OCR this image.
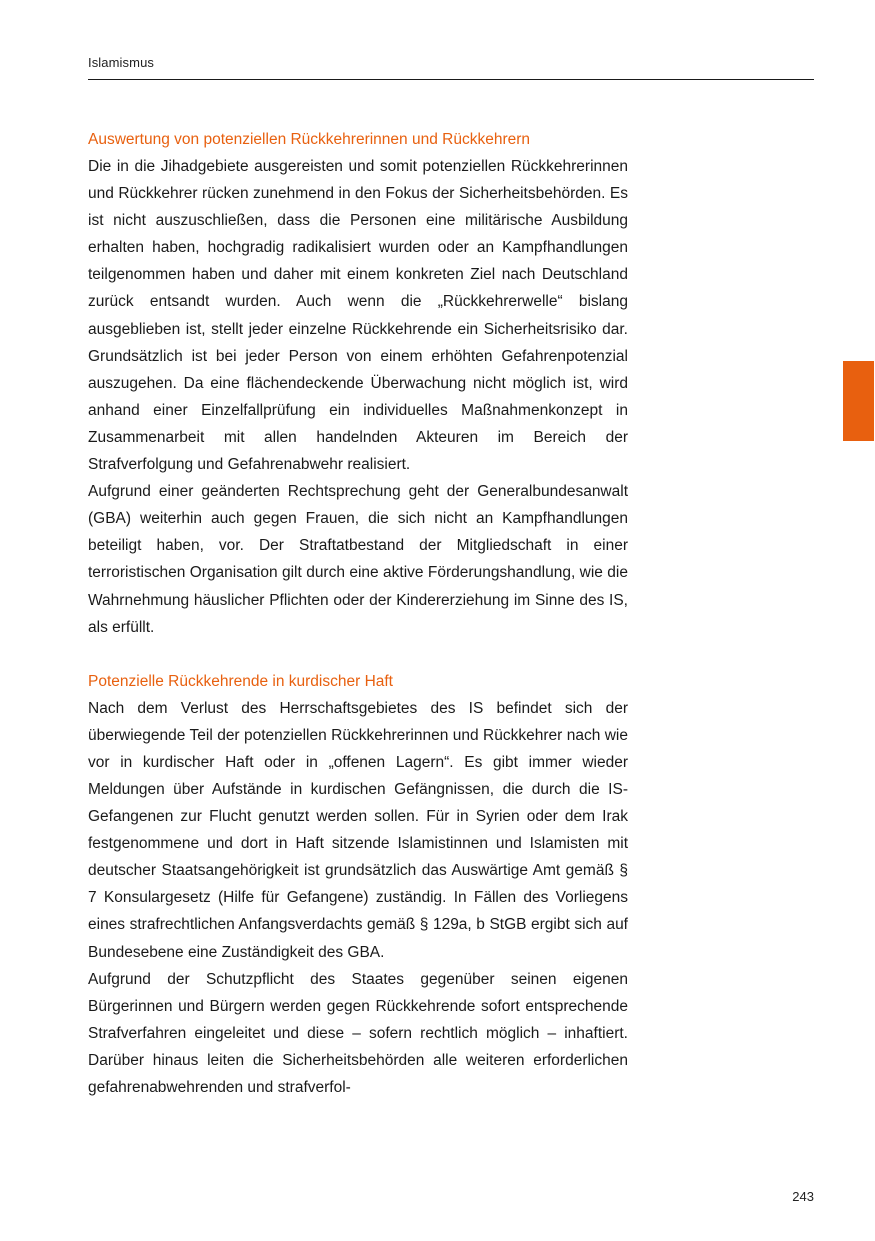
Islamismus
Auswertung von potenziellen Rückkehrerinnen und Rückkehrern

Die in die Jihadgebiete ausgereisten und somit potenziellen Rückkehrerinnen und Rückkehrer rücken zunehmend in den Fokus der Sicherheitsbehörden. Es ist nicht auszuschließen, dass die Personen eine militärische Ausbildung erhalten haben, hochgradig radikalisiert wurden oder an Kampfhandlungen teilgenommen haben und daher mit einem konkreten Ziel nach Deutschland zurück entsandt wurden. Auch wenn die „Rückkehrerwelle“ bislang ausgeblieben ist, stellt jeder einzelne Rückkehrende ein Sicherheitsrisiko dar. Grundsätzlich ist bei jeder Person von einem erhöhten Gefahrenpotenzial auszugehen. Da eine flächendeckende Überwachung nicht möglich ist, wird anhand einer Einzelfallprüfung ein individuelles Maßnahmenkonzept in Zusammenarbeit mit allen handelnden Akteuren im Bereich der Strafverfolgung und Gefahrenabwehr realisiert.

Aufgrund einer geänderten Rechtsprechung geht der Generalbundesanwalt (GBA) weiterhin auch gegen Frauen, die sich nicht an Kampfhandlungen beteiligt haben, vor. Der Straftatbestand der Mitgliedschaft in einer terroristischen Organisation gilt durch eine aktive Förderungshandlung, wie die Wahrnehmung häuslicher Pflichten oder der Kindererziehung im Sinne des IS, als erfüllt.

Potenzielle Rückkehrende in kurdischer Haft

Nach dem Verlust des Herrschaftsgebietes des IS befindet sich der überwiegende Teil der potenziellen Rückkehrerinnen und Rückkehrer nach wie vor in kurdischer Haft oder in „offenen Lagern“. Es gibt immer wieder Meldungen über Aufstände in kurdischen Gefängnissen, die durch die IS-Gefangenen zur Flucht genutzt werden sollen. Für in Syrien oder dem Irak festgenommene und dort in Haft sitzende Islamistinnen und Islamisten mit deutscher Staatsangehörigkeit ist grundsätzlich das Auswärtige Amt gemäß § 7 Konsulargesetz (Hilfe für Gefangene) zuständig. In Fällen des Vorliegens eines strafrechtlichen Anfangsverdachts gemäß § 129a, b StGB ergibt sich auf Bundesebene eine Zuständigkeit des GBA.

Aufgrund der Schutzpflicht des Staates gegenüber seinen eigenen Bürgerinnen und Bürgern werden gegen Rückkehrende sofort entsprechende Strafverfahren eingeleitet und diese – sofern rechtlich möglich – inhaftiert. Darüber hinaus leiten die Sicherheitsbehörden alle weiteren erforderlichen gefahrenabwehrenden und strafverfol-

243
